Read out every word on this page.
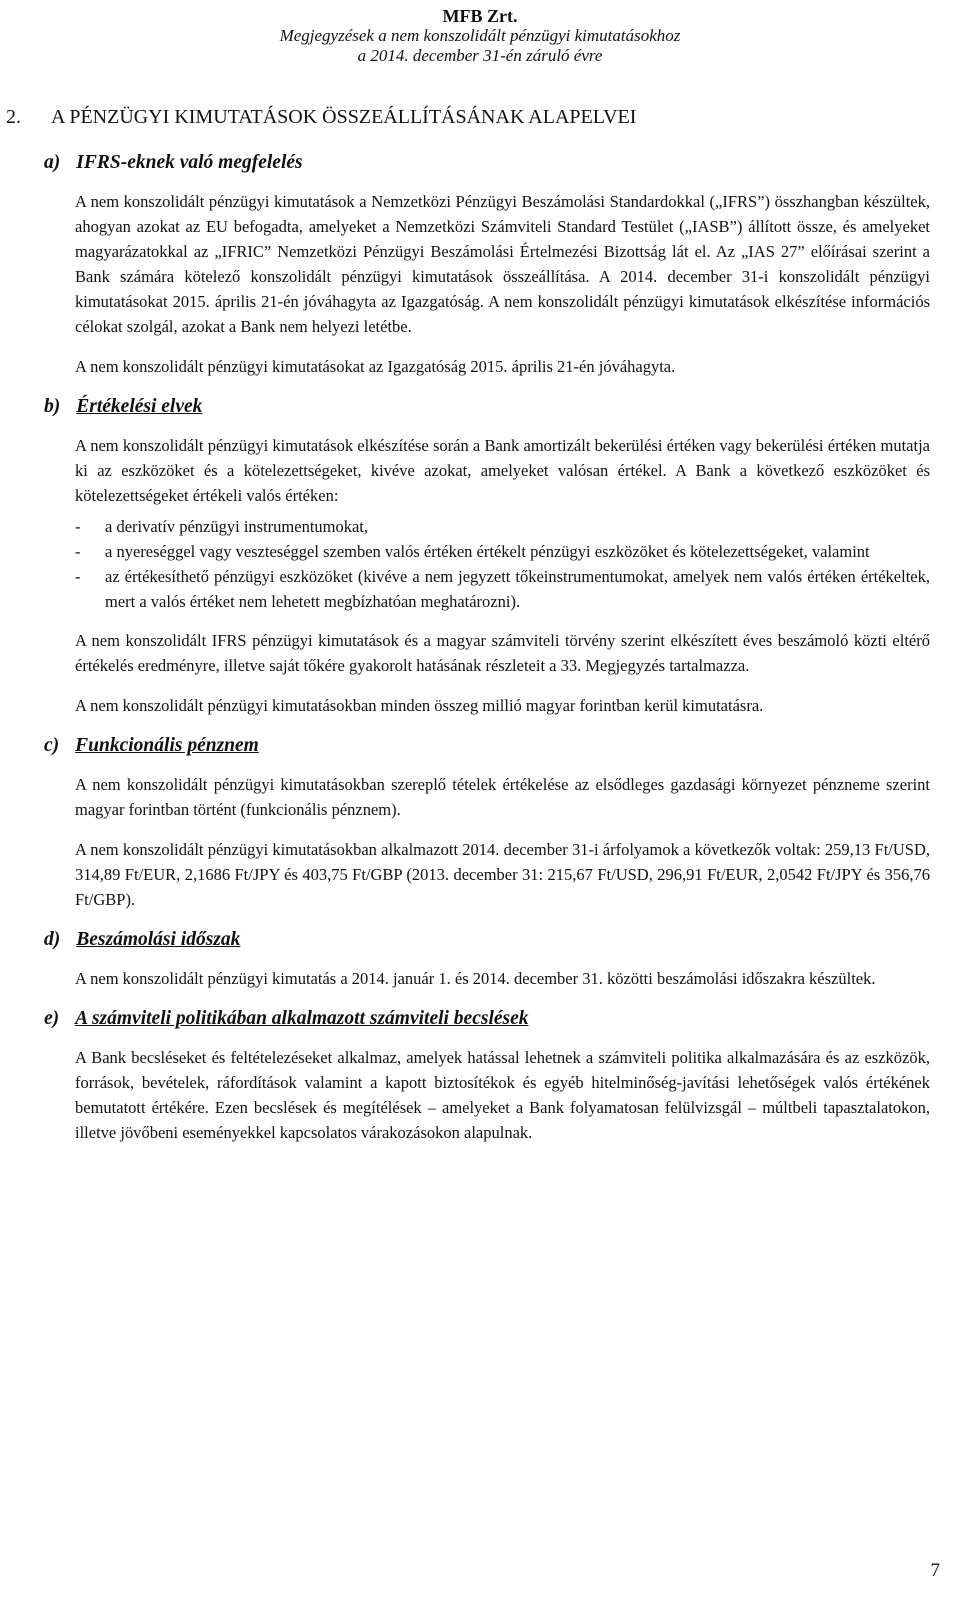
MFB Zrt.
Megjegyzések a nem konszolidált pénzügyi kimutatásokhoz
a 2014. december 31-én záruló évre
2. A PÉNZÜGYI KIMUTATÁSOK ÖSSZEÁLLÍTÁSÁNAK ALAPELVEI
a) IFRS-eknek való megfelelés

A nem konszolidált pénzügyi kimutatások a Nemzetközi Pénzügyi Beszámolási Standardokkal („IFRS”) összhangban készültek, ahogyan azokat az EU befogadta, amelyeket a Nemzetközi Számviteli Standard Testület („IASB”) állított össze, és amelyeket magyarázatokkal az „IFRIC” Nemzetközi Pénzügyi Beszámolási Értelmezési Bizottság lát el. Az „IAS 27” előírásai szerint a Bank számára kötelező konszolidált pénzügyi kimutatások összeállítása. A 2014. december 31-i konszolidált pénzügyi kimutatásokat 2015. április 21-én jóváhagyta az Igazgatóság. A nem konszolidált pénzügyi kimutatások elkészítése információs célokat szolgál, azokat a Bank nem helyezi letétbe.

A nem konszolidált pénzügyi kimutatásokat az Igazgatóság 2015. április 21-én jóváhagyta.

b) Értékelési elvek

A nem konszolidált pénzügyi kimutatások elkészítése során a Bank amortizált bekerülési értéken vagy bekerülési értéken mutatja ki az eszközöket és a kötelezettségeket, kivéve azokat, amelyeket valósan értékel. A Bank a következő eszközöket és kötelezettségeket értékeli valós értéken:

-	a derivatív pénzügyi instrumentumokat,
-	a nyereséggel vagy veszteséggel szemben valós értéken értékelt pénzügyi eszközöket és kötelezettségeket, valamint
-	az értékesíthető pénzügyi eszközöket (kivéve a nem jegyzett tőkeinstrumentumokat, amelyek nem valós értéken értékeltek, mert a valós értéket nem lehetett megbízhatóan meghatározni).

A nem konszolidált IFRS pénzügyi kimutatások és a magyar számviteli törvény szerint elkészített éves beszámoló közti eltérő értékelés eredményre, illetve saját tőkére gyakorolt hatásának részleteit a 33. Megjegyzés tartalmazza.

A nem konszolidált pénzügyi kimutatásokban minden összeg millió magyar forintban kerül kimutatásra.

c) Funkcionális pénznem

A nem konszolidált pénzügyi kimutatásokban szereplő tételek értékelése az elsődleges gazdasági környezet pénzneme szerint magyar forintban történt (funkcionális pénznem).

A nem konszolidált pénzügyi kimutatásokban alkalmazott 2014. december 31-i árfolyamok a következők voltak: 259,13 Ft/USD, 314,89 Ft/EUR, 2,1686 Ft/JPY és 403,75 Ft/GBP (2013. december 31: 215,67 Ft/USD, 296,91 Ft/EUR, 2,0542 Ft/JPY és 356,76 Ft/GBP).

d) Beszámolási időszak

A nem konszolidált pénzügyi kimutatás a 2014. január 1. és 2014. december 31. közötti beszámolási időszakra készültek.

e) A számviteli politikában alkalmazott számviteli becslések

A Bank becsléseket és feltételezéseket alkalmaz, amelyek hatással lehetnek a számviteli politika alkalmazására és az eszközök, források, bevételek, ráfordítások valamint a kapott biztosítékok és egyéb hitelminőség-javítási lehetőségek valós értékének bemutatott értékére. Ezen becslések és megítélések – amelyeket a Bank folyamatosan felülvizsgál – múltbeli tapasztalatokon, illetve jövőbeni eseményekkel kapcsolatos várakozásokon alapulnak.

7
